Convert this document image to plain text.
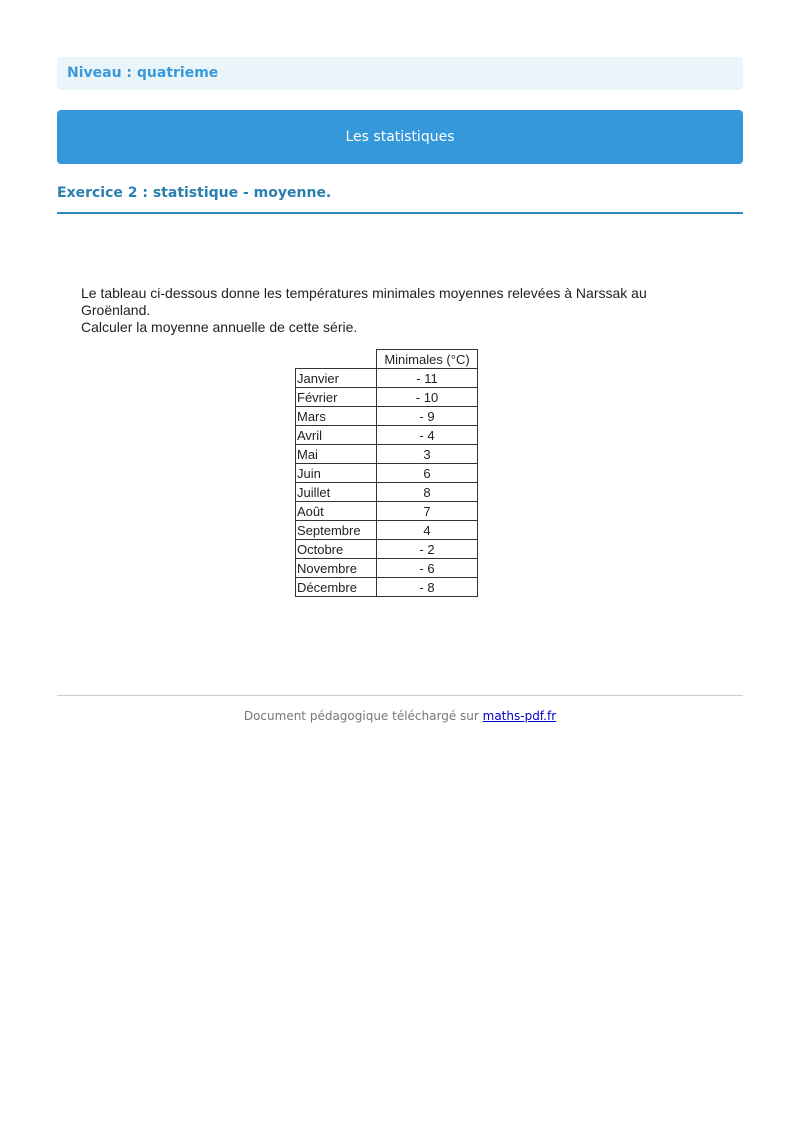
Niveau : quatrieme
Les statistiques
Exercice 2 : statistique - moyenne.

Le tableau ci-dessous donne les températures minimales moyennes relevées à Narssak au Groënland.

Calculer la moyenne annuelle de cette série.

	Minimales (°C)
Janvier	- 11
Février	- 10
Mars	- 9
Avril	- 4
Mai	3
Juin	6
Juillet	8
Août	7
Septembre	4
Octobre	- 2
Novembre	- 6
Décembre	- 8
Document pédagogique téléchargé sur maths-pdf.fr
